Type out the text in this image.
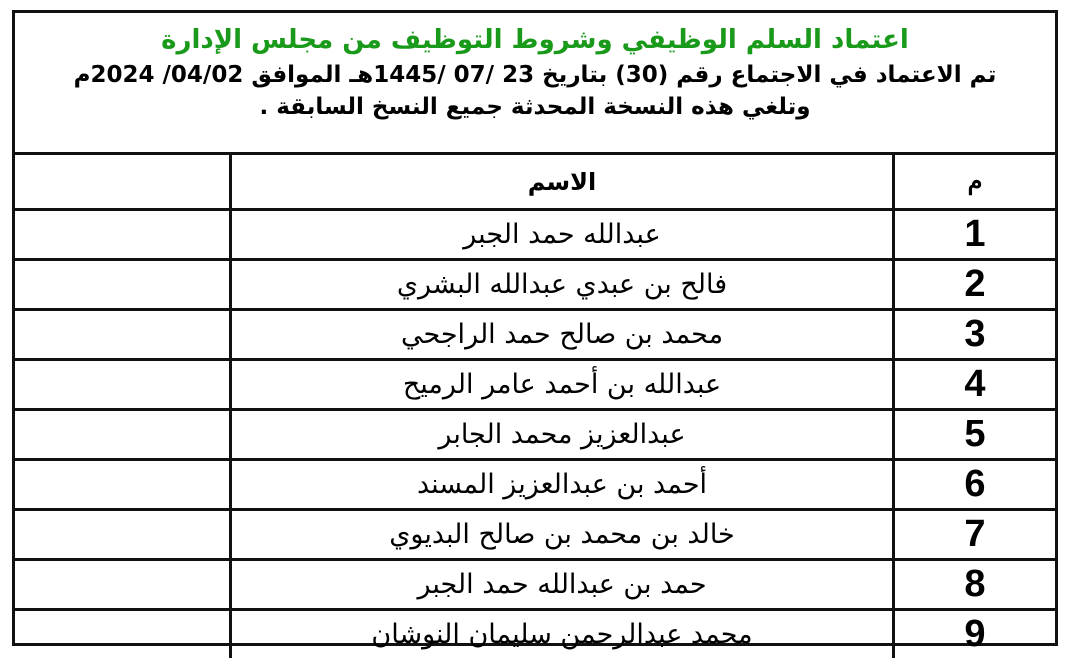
اعتماد السلم الوظيفي وشروط التوظيف من مجلس الإدارة

تم الاعتماد في الاجتماع رقم (30) بتاريخ 23 /07 /1445هـ الموافق 04/02/ 2024م

وتلغي هذه النسخة المحدثة جميع النسخ السابقة .

م	الاسم	
1	عبدالله حمد الجبر	
2	فالح بن عبدي عبدالله البشري	
3	محمد بن صالح حمد الراجحي	
4	عبدالله بن أحمد عامر الرميح	
5	عبدالعزيز محمد الجابر	
6	أحمد بن عبدالعزيز المسند	
7	خالد بن محمد بن صالح البديوي	
8	حمد بن عبدالله حمد الجبر	
9	محمد عبدالرحمن سليمان النوشان	
